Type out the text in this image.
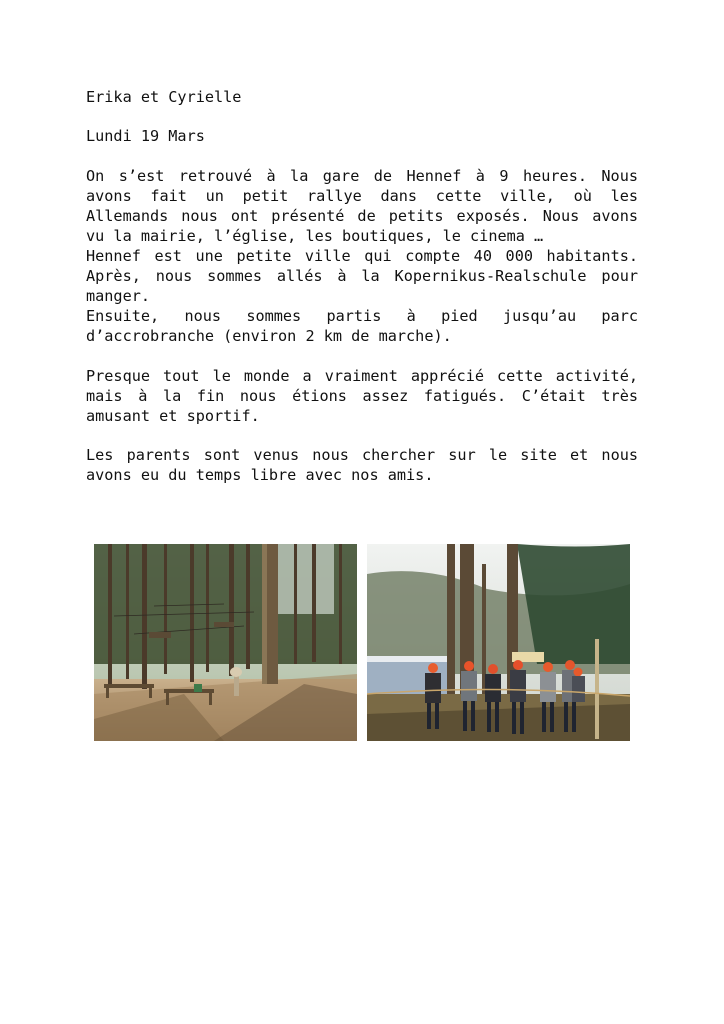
Erika et Cyrielle
Lundi 19 Mars
On s’est retrouvé à la gare de Hennef à 9 heures. Nous
avons fait un petit rallye dans cette ville, où les
Allemands nous ont présenté de petits exposés. Nous avons
vu la mairie, l’église, les boutiques, le cinema …
Hennef est une petite ville qui compte 40 000 habitants.
Après, nous sommes allés à la Kopernikus-Realschule pour
manger.
Ensuite, nous sommes partis à pied jusqu’au parc
d’accrobranche (environ 2 km de marche).
Presque tout le monde a vraiment apprécié cette activité,
mais à la fin nous étions assez fatigués. C’était très
amusant et sportif.
Les parents sont venus nous chercher sur le site et nous
avons eu du temps libre avec nos amis.
